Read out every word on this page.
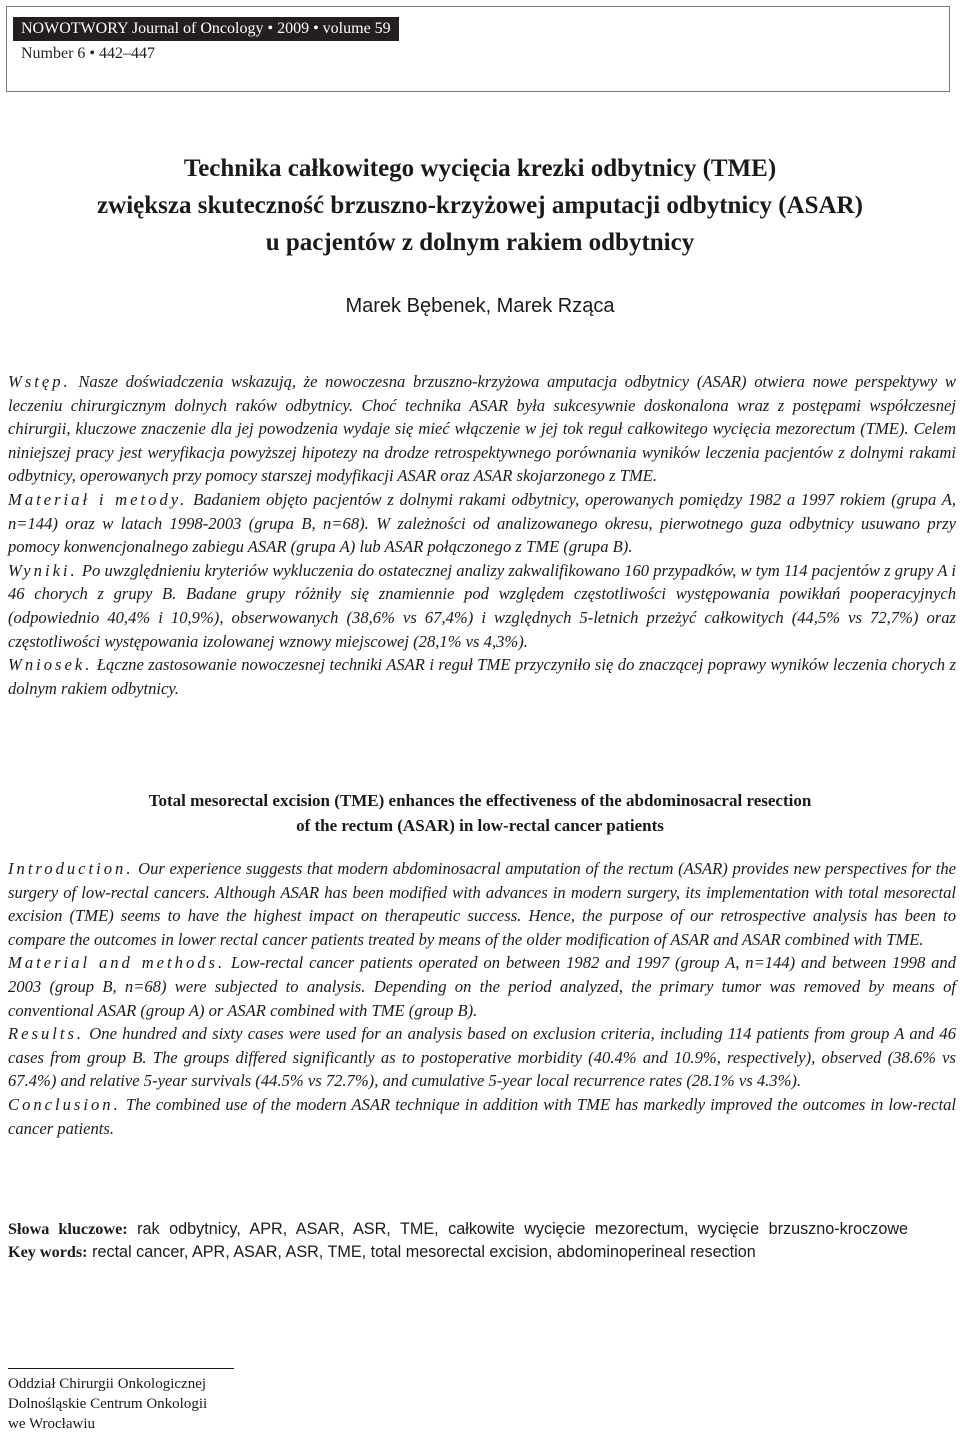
NOWOTWORY Journal of Oncology • 2009 • volume 59
Number 6 • 442–447
Technika całkowitego wycięcia krezki odbytnicy (TME)
zwiększa skuteczność brzuszno-krzyżowej amputacji odbytnicy (ASAR)
u pacjentów z dolnym rakiem odbytnicy
Marek Bębenek, Marek Rząca

Wstęp. Nasze doświadczenia wskazują, że nowoczesna brzuszno-krzyżowa amputacja odbytnicy (ASAR) otwiera nowe perspektywy w leczeniu chirurgicznym dolnych raków odbytnicy. Choć technika ASAR była sukcesywnie doskonalona wraz z postępami współczesnej chirurgii, kluczowe znaczenie dla jej powodzenia wydaje się mieć włączenie w jej tok reguł całkowitego wycięcia mezorectum (TME). Celem niniejszej pracy jest weryfikacja powyższej hipotezy na drodze retrospektywnego porównania wyników leczenia pacjentów z dolnymi rakami odbytnicy, operowanych przy pomocy starszej modyfikacji ASAR oraz ASAR skojarzonego z TME.

Materiał i metody. Badaniem objęto pacjentów z dolnymi rakami odbytnicy, operowanych pomiędzy 1982 a 1997 rokiem (grupa A, n=144) oraz w latach 1998-2003 (grupa B, n=68). W zależności od analizowanego okresu, pierwotnego guza odbytnicy usuwano przy pomocy konwencjonalnego zabiegu ASAR (grupa A) lub ASAR połączonego z TME (grupa B).

Wyniki. Po uwzględnieniu kryteriów wykluczenia do ostatecznej analizy zakwalifikowano 160 przypadków, w tym 114 pacjentów z grupy A i 46 chorych z grupy B. Badane grupy różniły się znamiennie pod względem częstotliwości występowania powikłań pooperacyjnych (odpowiednio 40,4% i 10,9%), obserwowanych (38,6% vs 67,4%) i względnych 5-letnich przeżyć całkowitych (44,5% vs 72,7%) oraz częstotliwości występowania izolowanej wznowy miejscowej (28,1% vs 4,3%).

Wniosek. Łączne zastosowanie nowoczesnej techniki ASAR i reguł TME przyczyniło się do znaczącej poprawy wyników leczenia chorych z dolnym rakiem odbytnicy.

Total mesorectal excision (TME) enhances the effectiveness of the abdominosacral resection
of the rectum (ASAR) in low-rectal cancer patients

Introduction. Our experience suggests that modern abdominosacral amputation of the rectum (ASAR) provides new perspectives for the surgery of low-rectal cancers. Although ASAR has been modified with advances in modern surgery, its implementation with total mesorectal excision (TME) seems to have the highest impact on therapeutic success. Hence, the purpose of our retrospective analysis has been to compare the outcomes in lower rectal cancer patients treated by means of the older modification of ASAR and ASAR combined with TME.

Material and methods. Low-rectal cancer patients operated on between 1982 and 1997 (group A, n=144) and between 1998 and 2003 (group B, n=68) were subjected to analysis. Depending on the period analyzed, the primary tumor was removed by means of conventional ASAR (group A) or ASAR combined with TME (group B).

Results. One hundred and sixty cases were used for an analysis based on exclusion criteria, including 114 patients from group A and 46 cases from group B. The groups differed significantly as to postoperative morbidity (40.4% and 10.9%, respectively), observed (38.6% vs 67.4%) and relative 5-year survivals (44.5% vs 72.7%), and cumulative 5-year local recurrence rates (28.1% vs 4.3%).

Conclusion. The combined use of the modern ASAR technique in addition with TME has markedly improved the outcomes in low-rectal cancer patients.

Słowa kluczowe: rak odbytnicy, APR, ASAR, ASR, TME, całkowite wycięcie mezorectum, wycięcie brzuszno-kroczowe

Key words: rectal cancer, APR, ASAR, ASR, TME, total mesorectal excision, abdominoperineal resection

Oddział Chirurgii Onkologicznej
Dolnośląskie Centrum Onkologii
we Wrocławiu
